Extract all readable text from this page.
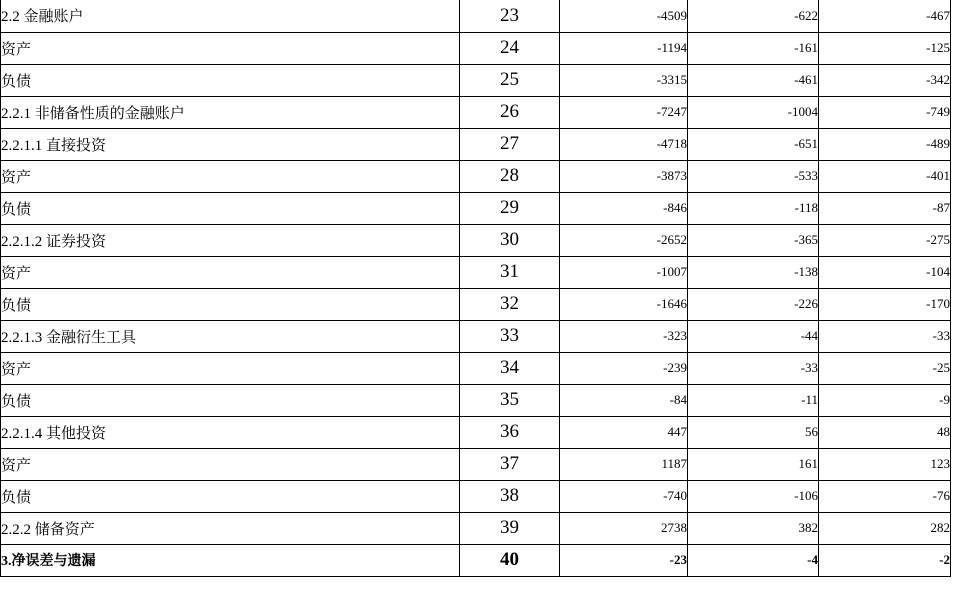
2.2 金融账户	23	-4509	-622	-467
资产	24	-1194	-161	-125
负债	25	-3315	-461	-342
2.2.1 非储备性质的金融账户	26	-7247	-1004	-749
2.2.1.1 直接投资	27	-4718	-651	-489
资产	28	-3873	-533	-401
负债	29	-846	-118	-87
2.2.1.2 证券投资	30	-2652	-365	-275
资产	31	-1007	-138	-104
负债	32	-1646	-226	-170
2.2.1.3 金融衍生工具	33	-323	-44	-33
资产	34	-239	-33	-25
负债	35	-84	-11	-9
2.2.1.4 其他投资	36	447	56	48
资产	37	1187	161	123
负债	38	-740	-106	-76
2.2.2 储备资产	39	2738	382	282
3.净误差与遗漏	40	-23	-4	-2
